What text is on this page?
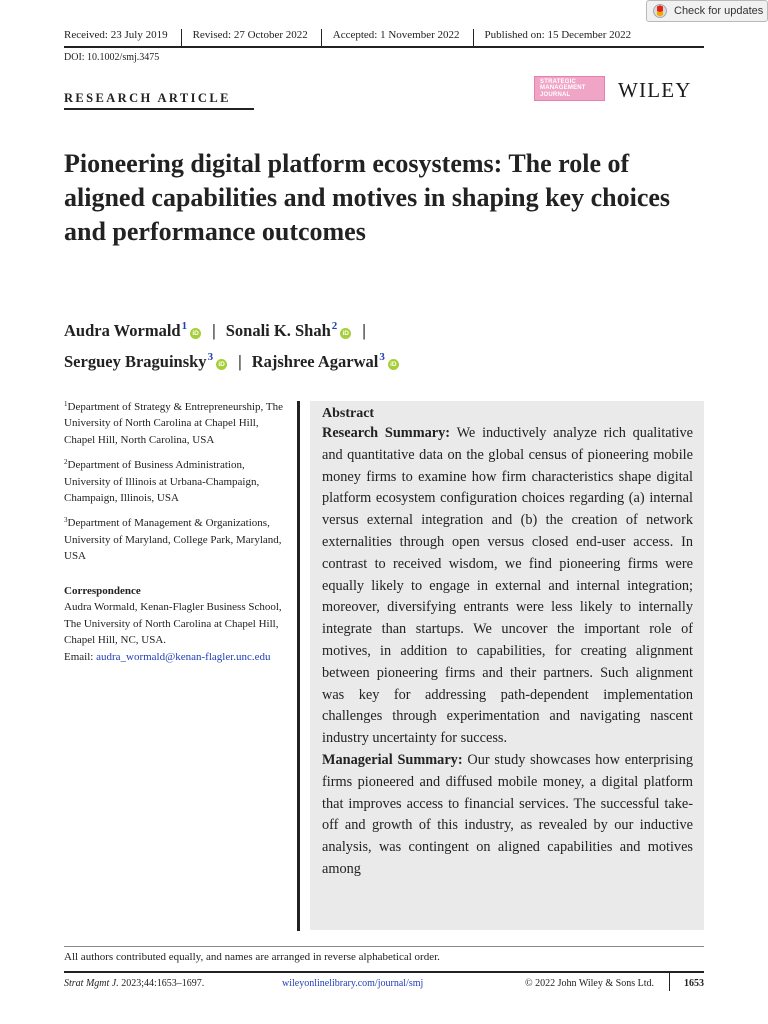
Check for updates
Received: 23 July 2019	Revised: 27 October 2022	Accepted: 1 November 2022	Published on: 15 December 2022
DOI: 10.1002/smj.3475
RESEARCH ARTICLE
STRATEGIC
MANAGEMENT
JOURNAL WILEY
Pioneering digital platform ecosystems: The role of aligned capabilities and motives in shaping key choices and performance outcomes
Audra Wormald$^1$iD | Sonali K. Shah$^2$iD |
Serguey Braguinsky$^3$iD | Rajshree Agarwal$^3$iD

$^1$Department of Strategy & Entrepreneurship, The University of North Carolina at Chapel Hill, Chapel Hill, North Carolina, USA

$^2$Department of Business Administration, University of Illinois at Urbana-Champaign, Champaign, Illinois, USA

$^3$Department of Management & Organizations, University of Maryland, College Park, Maryland, USA

Correspondence
Audra Wormald, Kenan-Flagler Business School, The University of North Carolina at Chapel Hill, Chapel Hill, NC, USA.
Email: audra_wormald@kenan-flagler.unc.edu

Abstract

Research Summary: We inductively analyze rich qualitative and quantitative data on the global census of pioneering mobile money firms to examine how firm characteristics shape digital platform ecosystem configuration choices regarding (a) internal versus external integration and (b) the creation of network externalities through open versus closed end-user access. In contrast to received wisdom, we find pioneering firms were equally likely to engage in external and internal integration; moreover, diversifying entrants were less likely to internally integrate than startups. We uncover the important role of motives, in addition to capabilities, for creating alignment between pioneering firms and their partners. Such alignment was key for addressing path-dependent implementation challenges through experimentation and navigating nascent industry uncertainty for success.

Managerial Summary: Our study showcases how enterprising firms pioneered and diffused mobile money, a digital platform that improves access to financial services. The successful take-off and growth of this industry, as revealed by our inductive analysis, was contingent on aligned capabilities and motives among

All authors contributed equally, and names are arranged in reverse alphabetical order.
Strat Mgmt J. 2023;44:1653–1697.	wileyonlinelibrary.com/journal/smj	© 2022 John Wiley & Sons Ltd.	1653
